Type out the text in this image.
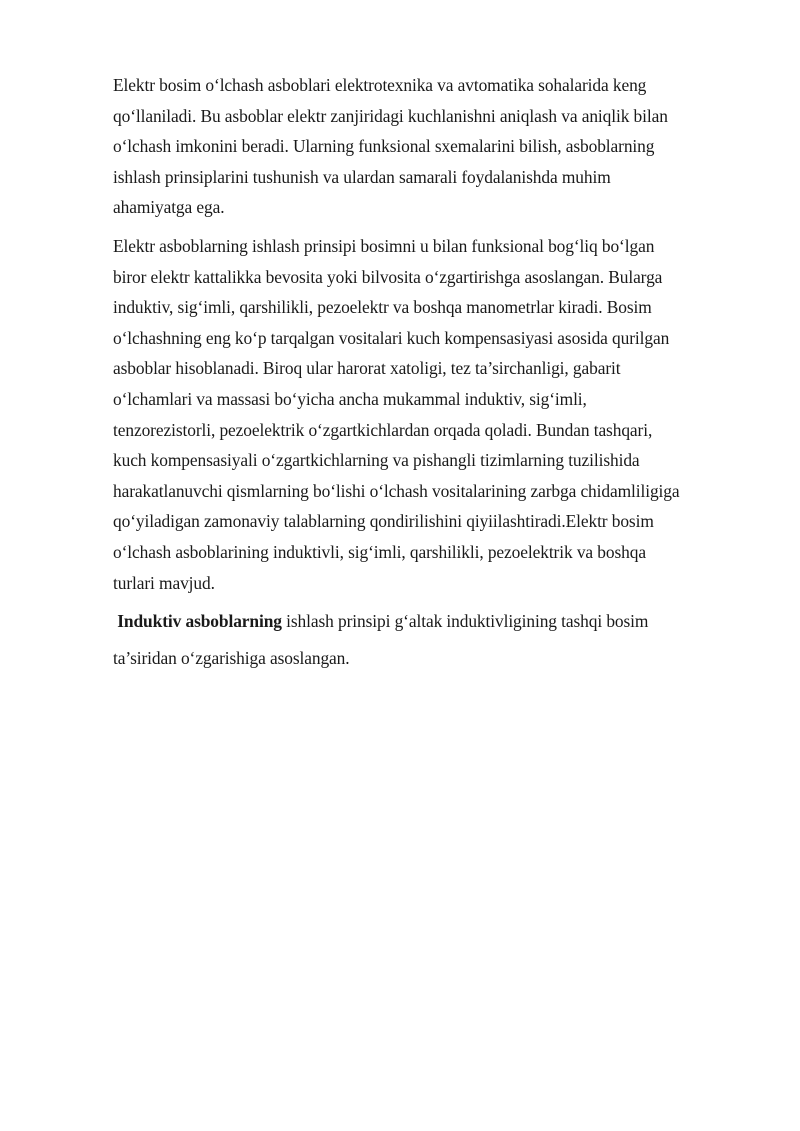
Elektr bosim o‘lchash asboblari elektrotexnika va avtomatika sohalarida keng
qo‘llaniladi. Bu asboblar elektr zanjiridagi kuchlanishni aniqlash va aniqlik bilan
o‘lchash imkonini beradi. Ularning funksional sxemalarini bilish, asboblarning
ishlash prinsiplarini tushunish va ulardan samarali foydalanishda muhim
ahamiyatga ega.

Elektr asboblarning ishlash prinsipi bosimni u bilan funksional bog‘liq bo‘lgan
biror elektr kattalikka bevosita yoki bilvosita o‘zgartirishga asoslangan. Bularga
induktiv, sig‘imli, qarshilikli, pezoelektr va boshqa manometrlar kiradi. Bosim
o‘lchashning eng ko‘p tarqalgan vositalari kuch kompensasiyasi asosida qurilgan
asboblar hisoblanadi. Biroq ular harorat xatoligi, tez ta’sirchanligi, gabarit
o‘lchamlari va massasi bo‘yicha ancha mukammal induktiv, sig‘imli,
tenzorezistorli, pezoelektrik o‘zgartkichlardan orqada qoladi. Bundan tashqari,
kuch kompensasiyali o‘zgartkichlarning va pishangli tizimlarning tuzilishida
harakatlanuvchi qismlarning bo‘lishi o‘lchash vositalarining zarbga chidamliligiga
qo‘yiladigan zamonaviy talablarning qondirilishini qiyiilashtiradi.Elektr bosim
o‘lchash asboblarining induktivli, sig‘imli, qarshilikli, pezoelektrik va boshqa
turlari mavjud.

Induktiv asboblarning ishlash prinsipi g‘altak induktivligining tashqi bosim
ta’siridan o‘zgarishiga asoslangan.
